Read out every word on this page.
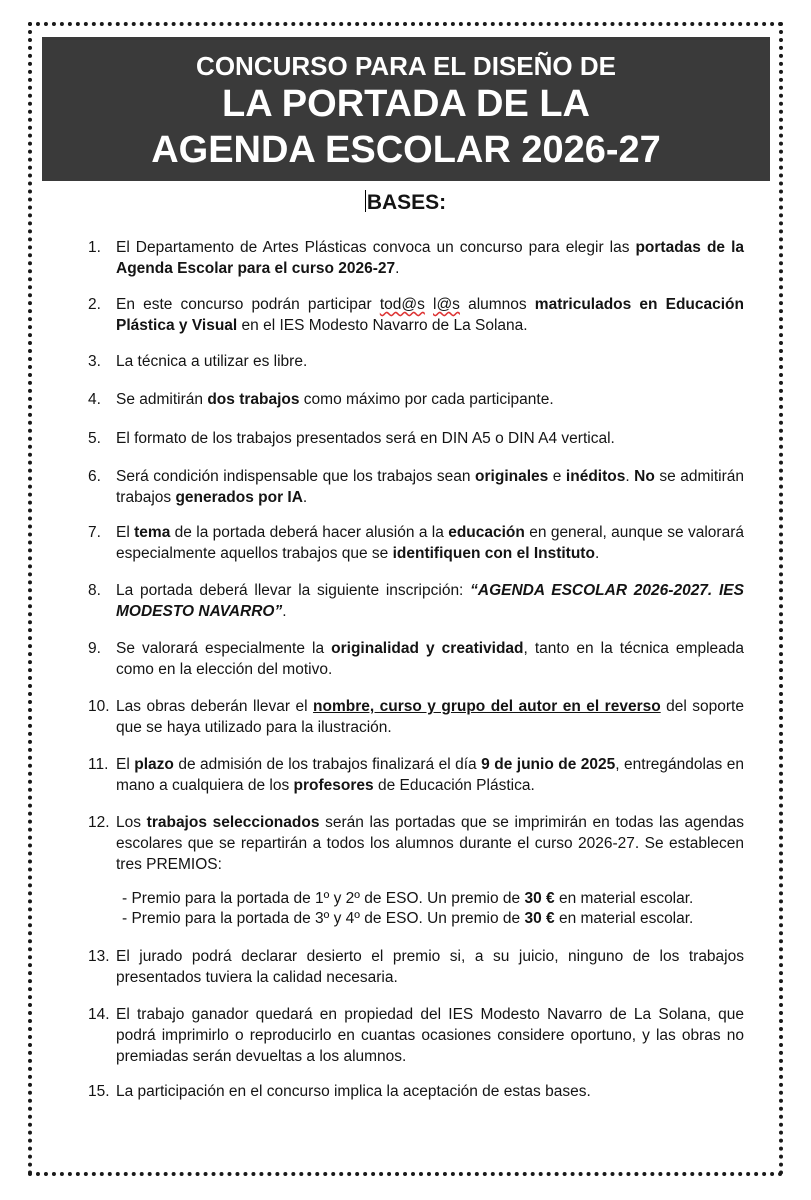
CONCURSO PARA EL DISEÑO DE
LA PORTADA DE LA
AGENDA ESCOLAR 2026-27
BASES:
1. El Departamento de Artes Plásticas convoca un concurso para elegir las portadas de la Agenda Escolar para el curso 2026-27.
2. En este concurso podrán participar tod@s l@s alumnos matriculados en Educación Plástica y Visual en el IES Modesto Navarro de La Solana.
3. La técnica a utilizar es libre.
4. Se admitirán dos trabajos como máximo por cada participante.
5. El formato de los trabajos presentados será en DIN A5 o DIN A4 vertical.
6. Será condición indispensable que los trabajos sean originales e inéditos. No se admitirán trabajos generados por IA.
7. El tema de la portada deberá hacer alusión a la educación en general, aunque se valorará especialmente aquellos trabajos que se identifiquen con el Instituto.
8. La portada deberá llevar la siguiente inscripción: “AGENDA ESCOLAR 2026-2027. IES MODESTO NAVARRO”.
9. Se valorará especialmente la originalidad y creatividad, tanto en la técnica empleada como en la elección del motivo.
10. Las obras deberán llevar el nombre, curso y grupo del autor en el reverso del soporte que se haya utilizado para la ilustración.
11. El plazo de admisión de los trabajos finalizará el día 9 de junio de 2025, entregándolas en mano a cualquiera de los profesores de Educación Plástica.
12. Los trabajos seleccionados serán las portadas que se imprimirán en todas las agendas escolares que se repartirán a todos los alumnos durante el curso 2026-27. Se establecen tres PREMIOS:
- Premio para la portada de 1º y 2º de ESO. Un premio de 30 € en material escolar.
- Premio para la portada de 3º y 4º de ESO. Un premio de 30 € en material escolar.
13. El jurado podrá declarar desierto el premio si, a su juicio, ninguno de los trabajos presentados tuviera la calidad necesaria.
14. El trabajo ganador quedará en propiedad del IES Modesto Navarro de La Solana, que podrá imprimirlo o reproducirlo en cuantas ocasiones considere oportuno, y las obras no premiadas serán devueltas a los alumnos.
15. La participación en el concurso implica la aceptación de estas bases.
